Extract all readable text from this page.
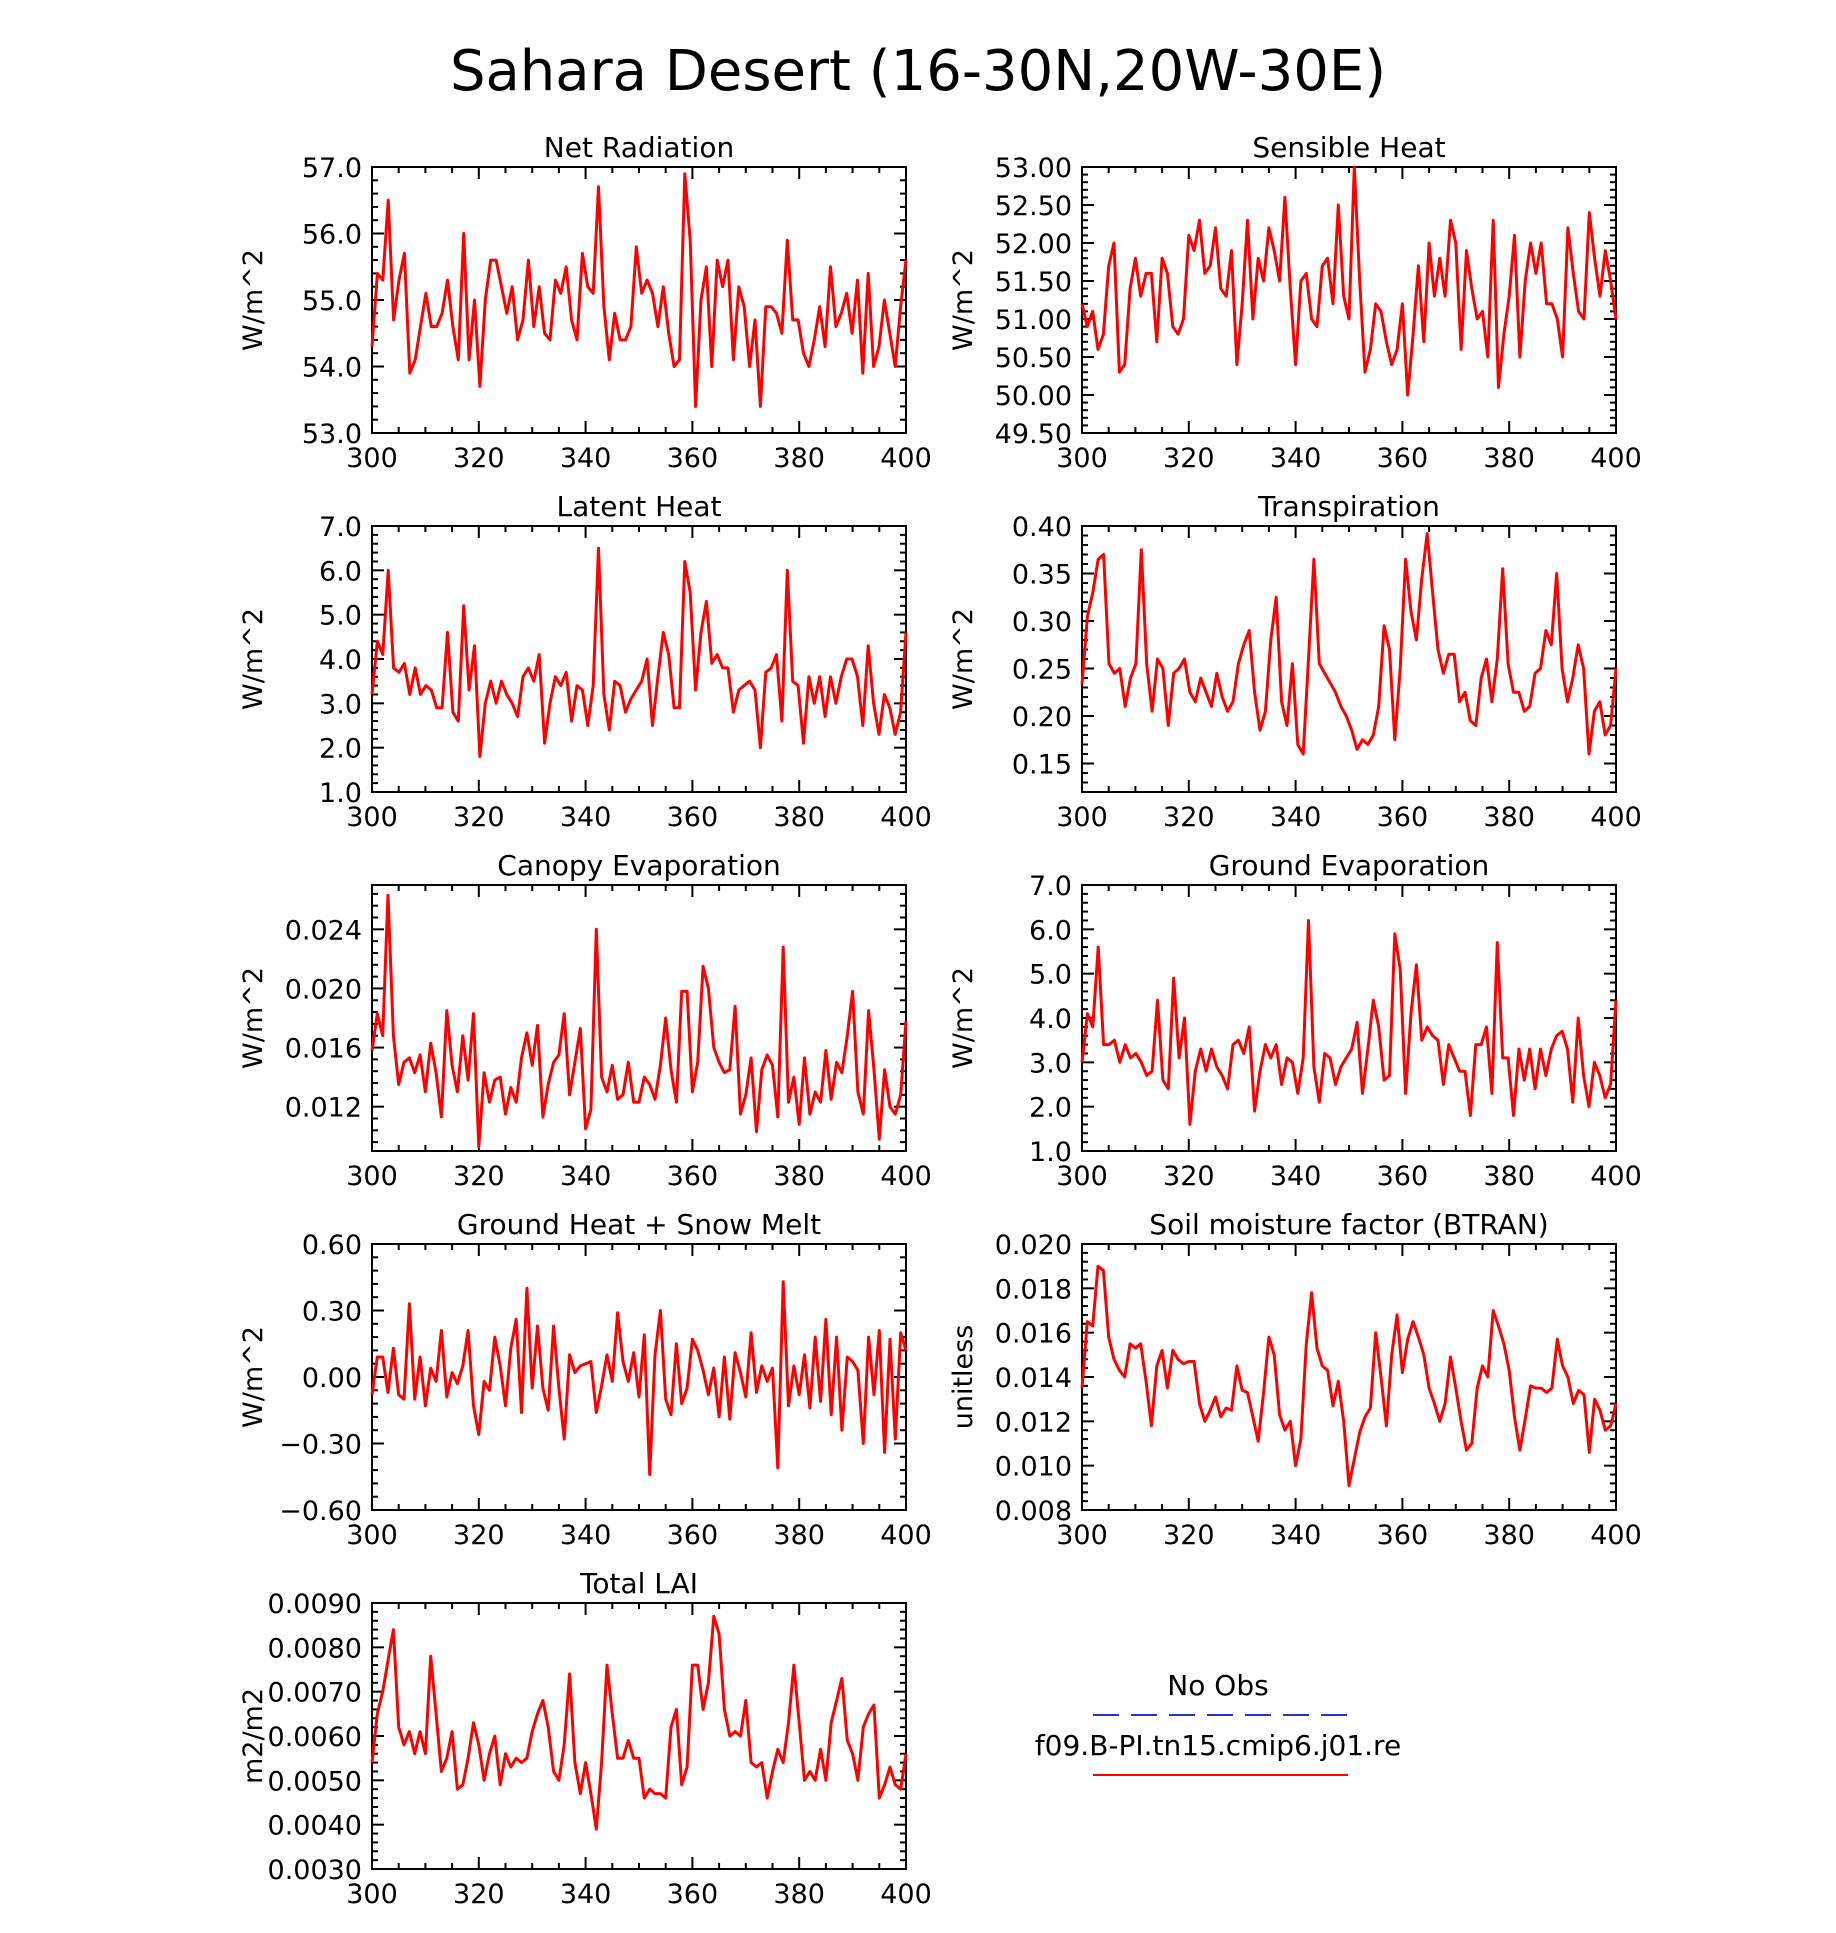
Sahara Desert (16-30N,20W-30E)
No Obs
f09.B-PI.tn15.cmip6.j01.re
Net Radiation
300 320 340 360 380 400
53.0
54.0
55.0
56.0
57.0
W/m^2
Sensible Heat
300 320 340 360 380 400
49.50
50.00
50.50
51.00
51.50
52.00
52.50
53.00
W/m^2
Latent Heat
300 320 340 360 380 400
1.0
2.0
3.0
4.0
5.0
6.0
7.0
W/m^2
Transpiration
300 320 340 360 380 400
0.15
0.20
0.25
0.30
0.35
0.40
W/m^2
Canopy Evaporation
300 320 340 360 380 400
0.012
0.016
0.020
0.024
W/m^2
Ground Evaporation
300 320 340 360 380 400
1.0
2.0
3.0
4.0
5.0
6.0
7.0
W/m^2
Ground Heat + Snow Melt
300 320 340 360 380 400
−0.60
−0.30
0.00
0.30
0.60
W/m^2
Soil moisture factor (BTRAN)
300 320 340 360 380 400
0.008
0.010
0.012
0.014
0.016
0.018
0.020
unitless
Total LAI
300 320 340 360 380 400
0.0030
0.0040
0.0050
0.0060
0.0070
0.0080
0.0090
m2/m2
